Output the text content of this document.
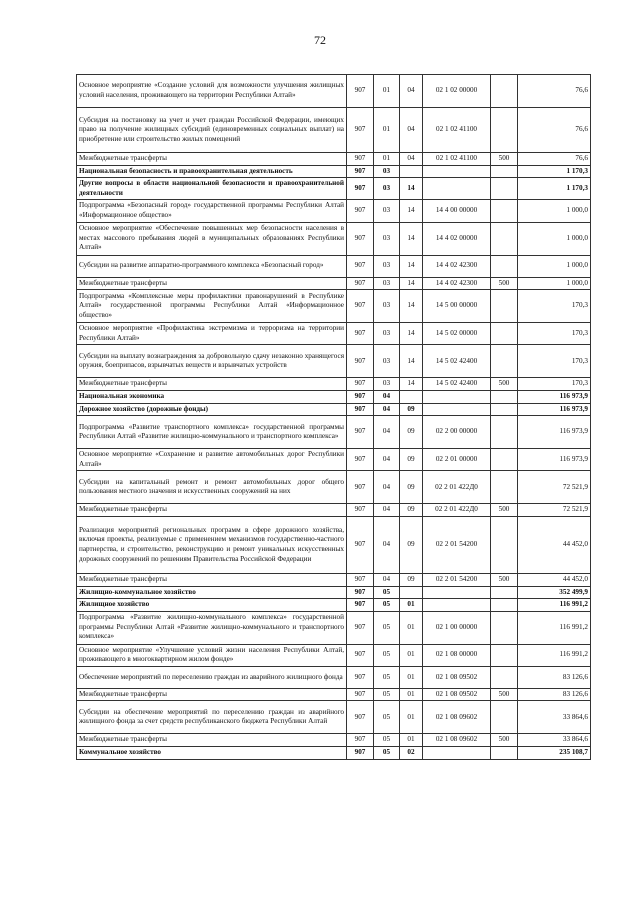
72
Основное мероприятие «Создание условий для возможности улучшения жилищных условий населения, проживающего на территории Республики Алтай»	907	01	04	02 1 02 00000		76,6
Субсидия на постановку на учет и учет граждан Российской Федерации, имеющих право на получение жилищных субсидий (единовременных социальных выплат) на приобретение или строительство жилых помещений	907	01	04	02 1 02 41100		76,6
Межбюджетные трансферты	907	01	04	02 1 02 41100	500	76,6
Национальная безопасность и правоохранительная деятельность	907	03				1 170,3
Другие вопросы в области национальной безопасности и правоохранительной деятельности	907	03	14			1 170,3
Подпрограмма «Безопасный город» государственной программы Республики Алтай «Информационное общество»	907	03	14	14 4 00 00000		1 000,0
Основное мероприятие «Обеспечение повышенных мер безопасности населения в местах массового пребывания людей в муниципальных образованиях Республики Алтай»	907	03	14	14 4 02 00000		1 000,0
Субсидии на развитие аппаратно-программного комплекса «Безопасный город»	907	03	14	14 4 02 42300		1 000,0
Межбюджетные трансферты	907	03	14	14 4 02 42300	500	1 000,0
Подпрограмма «Комплексные меры профилактики правонарушений в Республике Алтай» государственной программы Республики Алтай «Информационное общество»	907	03	14	14 5 00 00000		170,3
Основное мероприятие «Профилактика экстремизма и терроризма на территории Республики Алтай»	907	03	14	14 5 02 00000		170,3
Субсидии на выплату вознаграждения за добровольную сдачу незаконно хранящегося оружия, боеприпасов, взрывчатых веществ и взрывчатых устройств	907	03	14	14 5 02 42400		170,3
Межбюджетные трансферты	907	03	14	14 5 02 42400	500	170,3
Национальная экономика	907	04				116 973,9
Дорожное хозяйство (дорожные фонды)	907	04	09			116 973,9
Подпрограмма «Развитие транспортного комплекса» государственной программы Республики Алтай «Развитие жилищно-коммунального и транспортного комплекса»	907	04	09	02 2 00 00000		116 973,9
Основное мероприятие «Сохранение и развитие автомобильных дорог Республики Алтай»	907	04	09	02 2 01 00000		116 973,9
Субсидии на капитальный ремонт и ремонт автомобильных дорог общего пользования местного значения и искусственных сооружений на них	907	04	09	02 2 01 422Д0		72 521,9
Межбюджетные трансферты	907	04	09	02 2 01 422Д0	500	72 521,9
Реализация мероприятий региональных программ в сфере дорожного хозяйства, включая проекты, реализуемые с применением механизмов государственно-частного партнерства, и строительство, реконструкцию и ремонт уникальных искусственных дорожных сооружений по решениям Правительства Российской Федерации	907	04	09	02 2 01 54200		44 452,0
Межбюджетные трансферты	907	04	09	02 2 01 54200	500	44 452,0
Жилищно-коммунальное хозяйство	907	05				352 499,9
Жилищное хозяйство	907	05	01			116 991,2
Подпрограмма «Развитие жилищно-коммунального комплекса» государственной программы Республики Алтай «Развитие жилищно-коммунального и транспортного комплекса»	907	05	01	02 1 00 00000		116 991,2
Основное мероприятие «Улучшение условий жизни населения Республики Алтай, проживающего в многоквартирном жилом фонде»	907	05	01	02 1 08 00000		116 991,2
Обеспечение мероприятий по переселению граждан из аварийного жилищного фонда	907	05	01	02 1 08 09502		83 126,6
Межбюджетные трансферты	907	05	01	02 1 08 09502	500	83 126,6
Субсидии на обеспечение мероприятий по переселению граждан из аварийного жилищного фонда за счет средств республиканского бюджета Республики Алтай	907	05	01	02 1 08 09602		33 864,6
Межбюджетные трансферты	907	05	01	02 1 08 09602	500	33 864,6
Коммунальное хозяйство	907	05	02			235 108,7
